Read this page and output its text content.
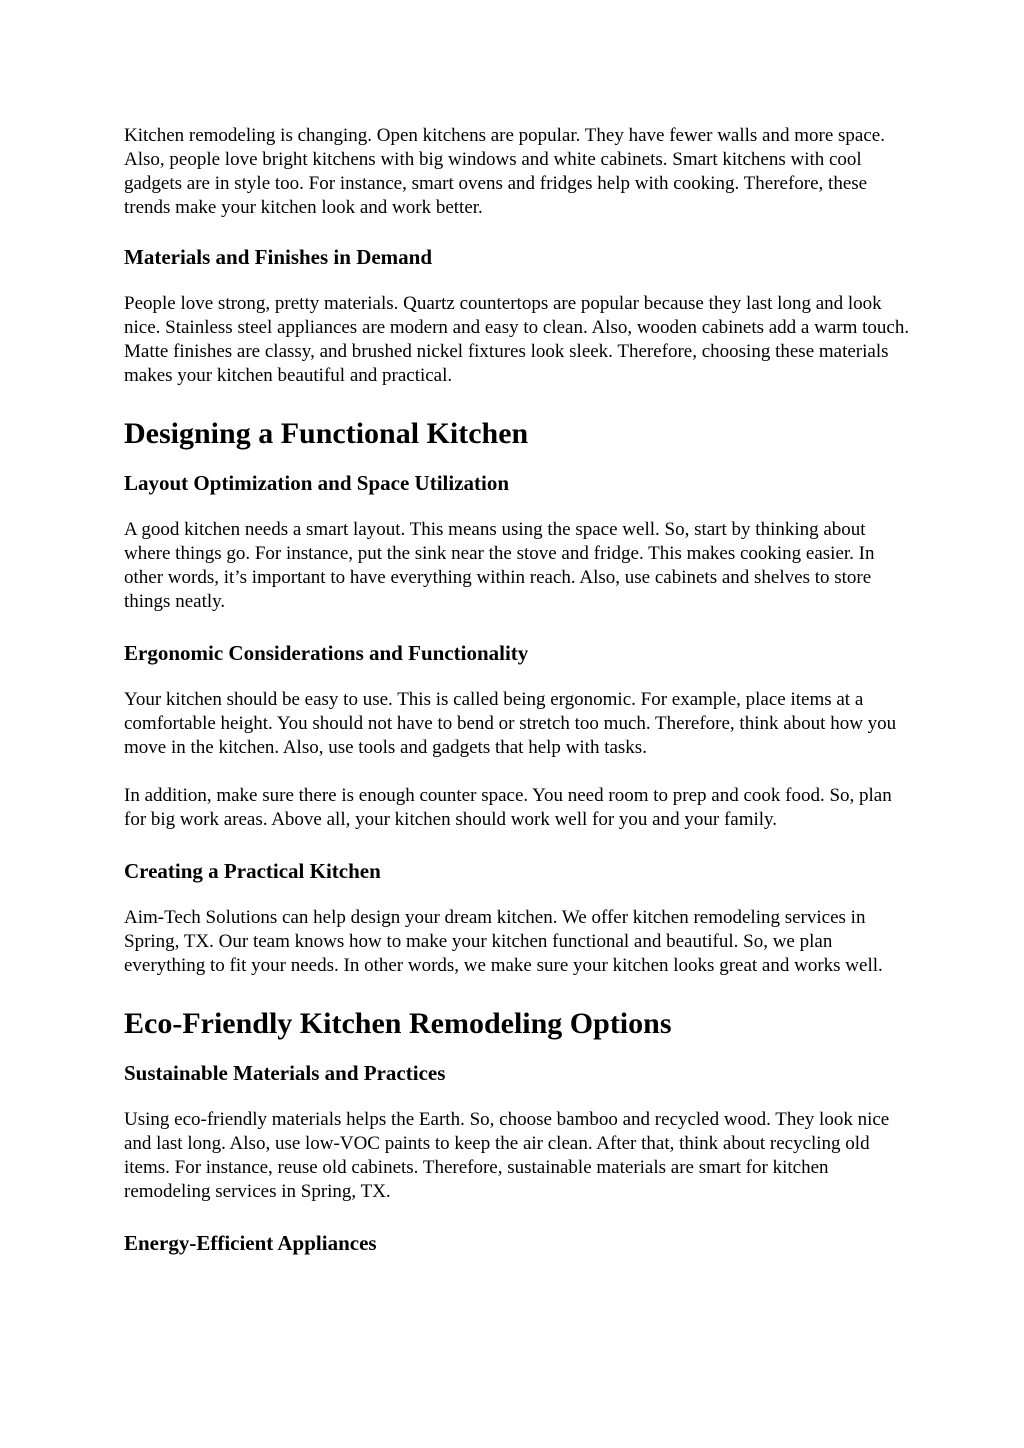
Kitchen remodeling is changing. Open kitchens are popular. They have fewer walls and more space. Also, people love bright kitchens with big windows and white cabinets. Smart kitchens with cool gadgets are in style too. For instance, smart ovens and fridges help with cooking. Therefore, these trends make your kitchen look and work better.

Materials and Finishes in Demand

People love strong, pretty materials. Quartz countertops are popular because they last long and look nice. Stainless steel appliances are modern and easy to clean. Also, wooden cabinets add a warm touch. Matte finishes are classy, and brushed nickel fixtures look sleek. Therefore, choosing these materials makes your kitchen beautiful and practical.

Designing a Functional Kitchen
Layout Optimization and Space Utilization

A good kitchen needs a smart layout. This means using the space well. So, start by thinking about where things go. For instance, put the sink near the stove and fridge. This makes cooking easier. In other words, it’s important to have everything within reach. Also, use cabinets and shelves to store things neatly.

Ergonomic Considerations and Functionality

Your kitchen should be easy to use. This is called being ergonomic. For example, place items at a comfortable height. You should not have to bend or stretch too much. Therefore, think about how you move in the kitchen. Also, use tools and gadgets that help with tasks.

In addition, make sure there is enough counter space. You need room to prep and cook food. So, plan for big work areas. Above all, your kitchen should work well for you and your family.

Creating a Practical Kitchen

Aim-Tech Solutions can help design your dream kitchen. We offer kitchen remodeling services in Spring, TX. Our team knows how to make your kitchen functional and beautiful. So, we plan everything to fit your needs. In other words, we make sure your kitchen looks great and works well.

Eco-Friendly Kitchen Remodeling Options
Sustainable Materials and Practices

Using eco-friendly materials helps the Earth. So, choose bamboo and recycled wood. They look nice and last long. Also, use low-VOC paints to keep the air clean. After that, think about recycling old items. For instance, reuse old cabinets. Therefore, sustainable materials are smart for kitchen remodeling services in Spring, TX.

Energy-Efficient Appliances
